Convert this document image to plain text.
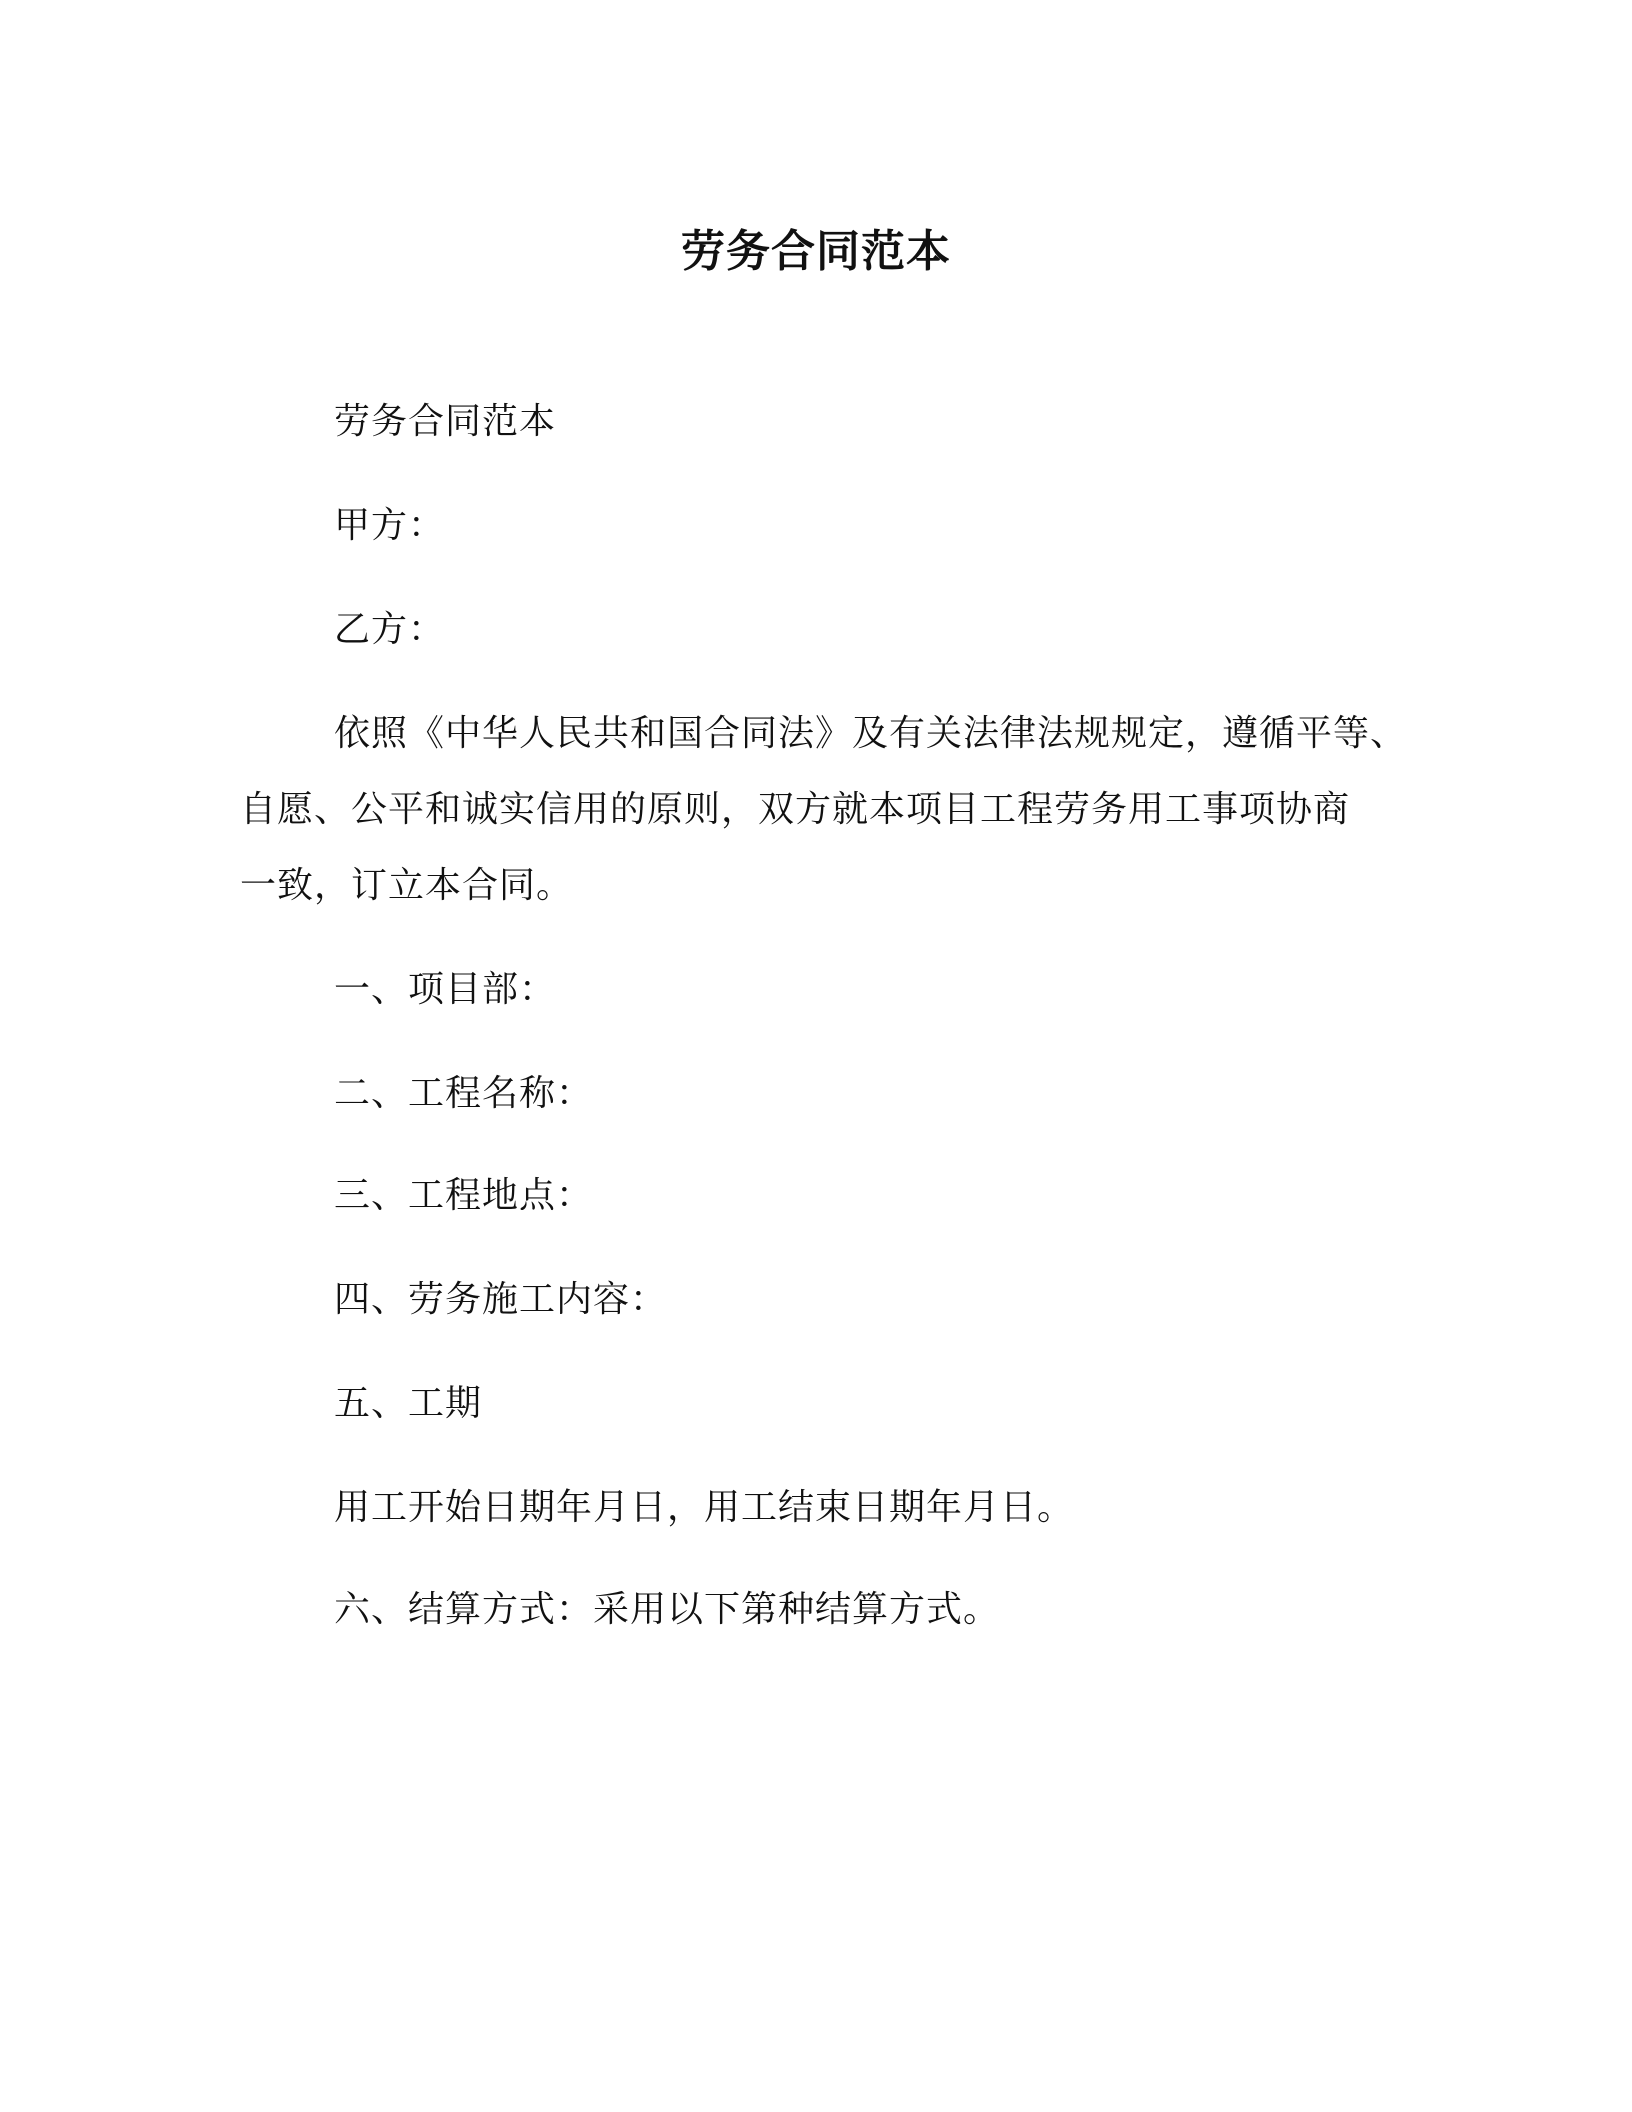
劳务合同范本
劳务合同范本
甲方：
乙方：
依照《中华人民共和国合同法》及有关法律法规规定，遵循平等、
自愿、公平和诚实信用的原则，双方就本项目工程劳务用工事项协商
一致，订立本合同。
一、项目部：
二、工程名称：
三、工程地点：
四、劳务施工内容：
五、工期
用工开始日期年月日，用工结束日期年月日。
六、结算方式：采用以下第种结算方式。
